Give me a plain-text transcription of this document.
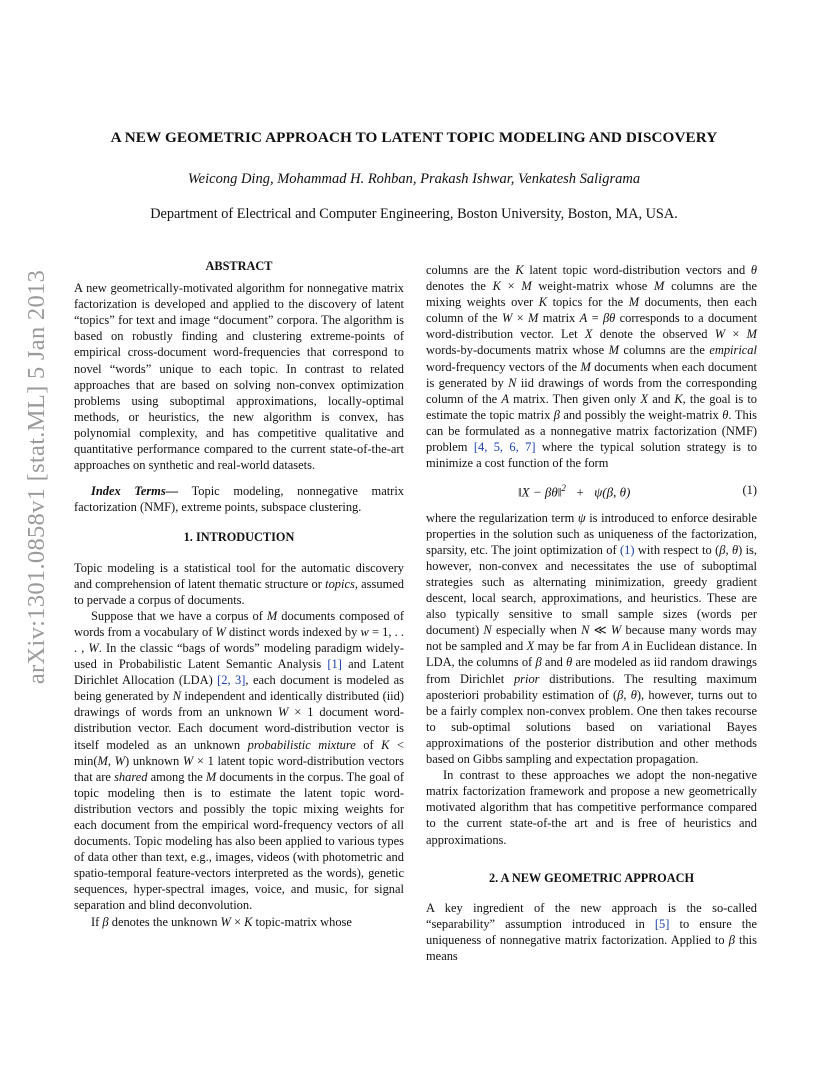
arXiv:1301.0858v1 [stat.ML] 5 Jan 2013
A NEW GEOMETRIC APPROACH TO LATENT TOPIC MODELING AND DISCOVERY
Weicong Ding, Mohammad H. Rohban, Prakash Ishwar, Venkatesh Saligrama
Department of Electrical and Computer Engineering, Boston University, Boston, MA, USA.
ABSTRACT

A new geometrically-motivated algorithm for nonnegative matrix factorization is developed and applied to the discovery of latent “topics” for text and image “document” corpora. The algorithm is based on robustly finding and clustering extreme-points of empirical cross-document word-frequencies that correspond to novel “words” unique to each topic. In contrast to related approaches that are based on solving non-convex optimization problems using suboptimal approximations, locally-optimal methods, or heuristics, the new algorithm is convex, has polynomial complexity, and has competitive qualitative and quantitative performance compared to the current state-of-the-art approaches on synthetic and real-world datasets.

Index Terms— Topic modeling, nonnegative matrix factorization (NMF), extreme points, subspace clustering.

1. INTRODUCTION

Topic modeling is a statistical tool for the automatic discovery and comprehension of latent thematic structure or topics, assumed to pervade a corpus of documents.

Suppose that we have a corpus of M documents composed of words from a vocabulary of W distinct words indexed by w = 1, . . . , W. In the classic “bags of words” modeling paradigm widely-used in Probabilistic Latent Semantic Analysis [1] and Latent Dirichlet Allocation (LDA) [2, 3], each document is modeled as being generated by N independent and identically distributed (iid) drawings of words from an unknown W × 1 document word-distribution vector. Each document word-distribution vector is itself modeled as an unknown probabilistic mixture of K < min(M, W) unknown W × 1 latent topic word-distribution vectors that are shared among the M documents in the corpus. The goal of topic modeling then is to estimate the latent topic word-distribution vectors and possibly the topic mixing weights for each document from the empirical word-frequency vectors of all documents. Topic modeling has also been applied to various types of data other than text, e.g., images, videos (with photometric and spatio-temporal feature-vectors interpreted as the words), genetic sequences, hyper-spectral images, voice, and music, for signal separation and blind deconvolution.

If β denotes the unknown W × K topic-matrix whose

columns are the K latent topic word-distribution vectors and θ denotes the K × M weight-matrix whose M columns are the mixing weights over K topics for the M documents, then each column of the W × M matrix A = βθ corresponds to a document word-distribution vector. Let X denote the observed W × M words-by-documents matrix whose M columns are the empirical word-frequency vectors of the M documents when each document is generated by N iid drawings of words from the corresponding column of the A matrix. Then given only X and K, the goal is to estimate the topic matrix β and possibly the weight-matrix θ. This can be formulated as a nonnegative matrix factorization (NMF) problem [4, 5, 6, 7] where the typical solution strategy is to minimize a cost function of the form

‖X − βθ‖$^2$   +   ψ(β, θ)	(1)

where the regularization term ψ is introduced to enforce desirable properties in the solution such as uniqueness of the factorization, sparsity, etc. The joint optimization of (1) with respect to (β, θ) is, however, non-convex and necessitates the use of suboptimal strategies such as alternating minimization, greedy gradient descent, local search, approximations, and heuristics. These are also typically sensitive to small sample sizes (words per document) N especially when N ≪ W because many words may not be sampled and X may be far from A in Euclidean distance. In LDA, the columns of β and θ are modeled as iid random drawings from Dirichlet prior distributions. The resulting maximum aposteriori probability estimation of (β, θ), however, turns out to be a fairly complex non-convex problem. One then takes recourse to sub-optimal solutions based on variational Bayes approximations of the posterior distribution and other methods based on Gibbs sampling and expectation propagation.

In contrast to these approaches we adopt the non-negative matrix factorization framework and propose a new geometrically motivated algorithm that has competitive performance compared to the current state-of-the art and is free of heuristics and approximations.

2. A NEW GEOMETRIC APPROACH

A key ingredient of the new approach is the so-called “separability” assumption introduced in [5] to ensure the uniqueness of nonnegative matrix factorization. Applied to β this means
